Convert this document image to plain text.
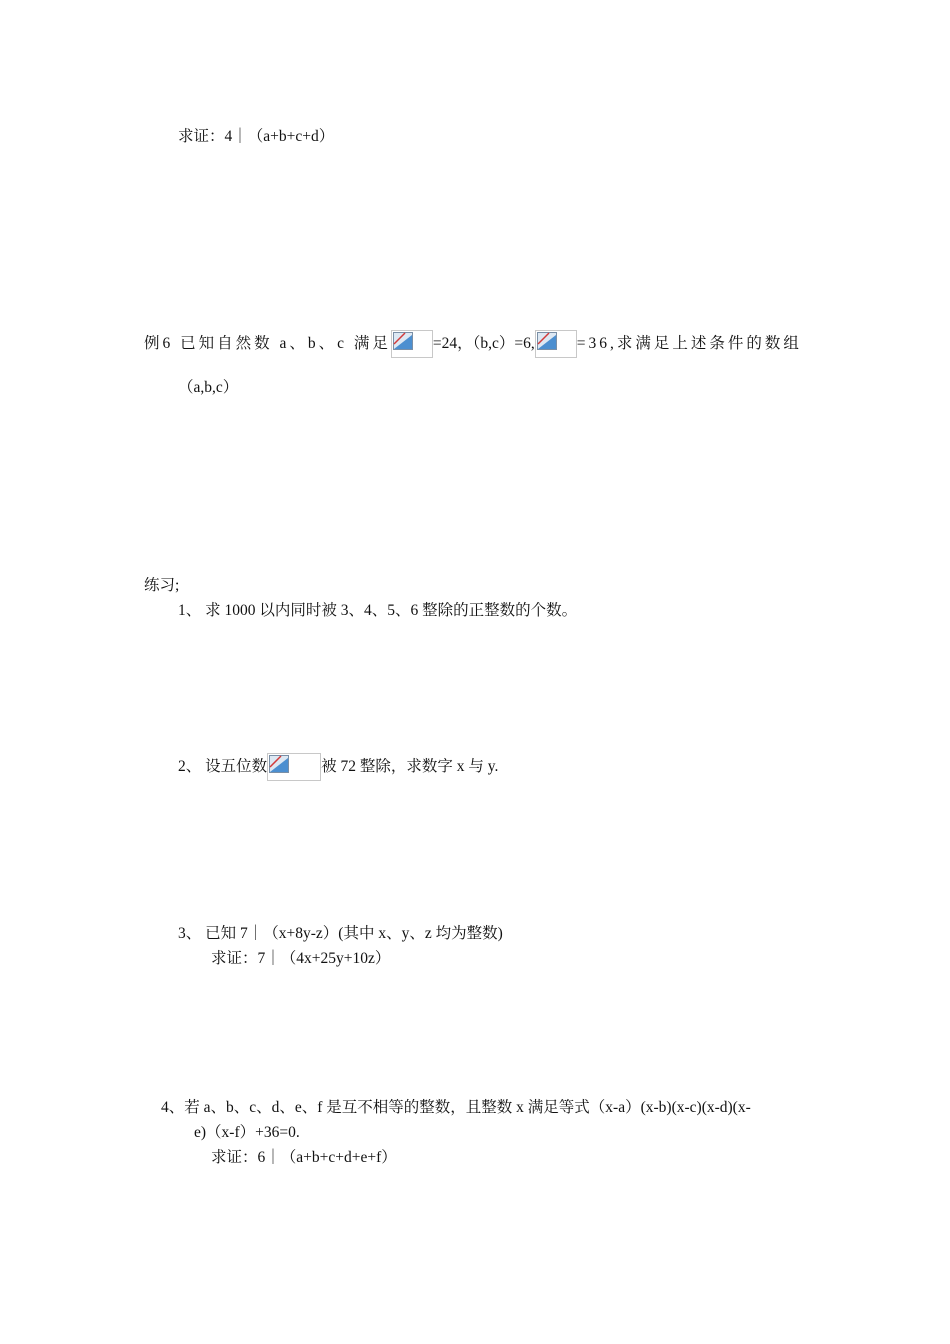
求证：4｜（a+b+c+d）
例6 已知自然数 a、b、c 满足	=24，（b,c）=6,	=36,求满足上述条件的数组
（a,b,c）
练习;
1、 求 1000 以内同时被 3、4、5、6 整除的正整数的个数。
2、 设五位数	被 72 整除，求数字 x 与 y.
3、 已知 7｜（x+8y-z）(其中 x、y、z 均为整数)
求证：7｜（4x+25y+10z）
4、若 a、b、c、d、e、f 是互不相等的整数，且整数 x 满足等式（x-a）(x-b)(x-c)(x-d)(x-
e)（x-f）+36=0.
求证：6｜（a+b+c+d+e+f）
